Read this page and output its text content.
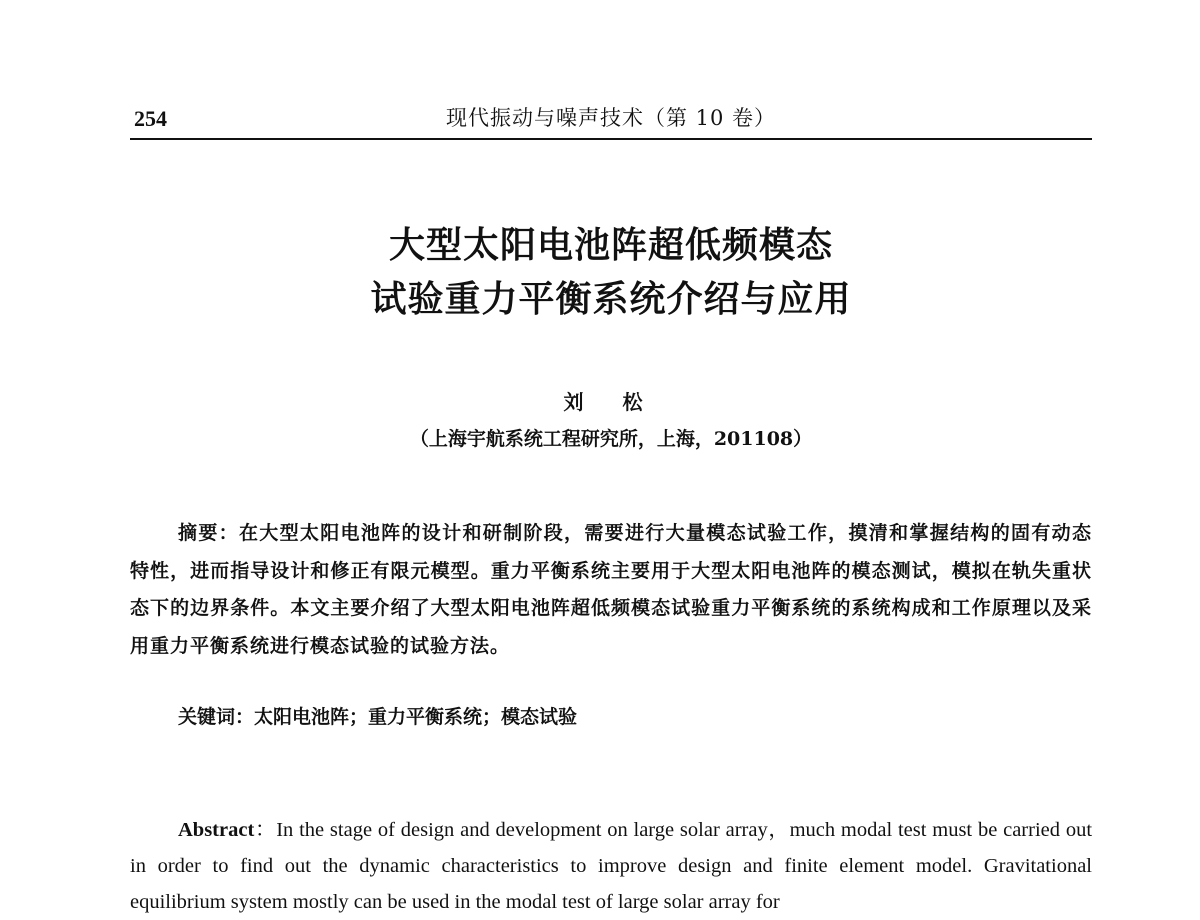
254	现代振动与噪声技术（第 10 卷）
大型太阳电池阵超低频模态
试验重力平衡系统介绍与应用
刘 松
（上海宇航系统工程研究所，上海，201108）
摘要：在大型太阳电池阵的设计和研制阶段，需要进行大量模态试验工作，摸清和掌握结构的固有动态特性，进而指导设计和修正有限元模型。重力平衡系统主要用于大型太阳电池阵的模态测试，模拟在轨失重状态下的边界条件。本文主要介绍了大型太阳电池阵超低频模态试验重力平衡系统的系统构成和工作原理以及采用重力平衡系统进行模态试验的试验方法。
关键词：太阳电池阵；重力平衡系统；模态试验
Abstract：In the stage of design and development on large solar array，much modal test must be carried out in order to find out the dynamic characteristics to improve design and finite element model. Gravitational equilibrium system mostly can be used in the modal test of large solar array for
